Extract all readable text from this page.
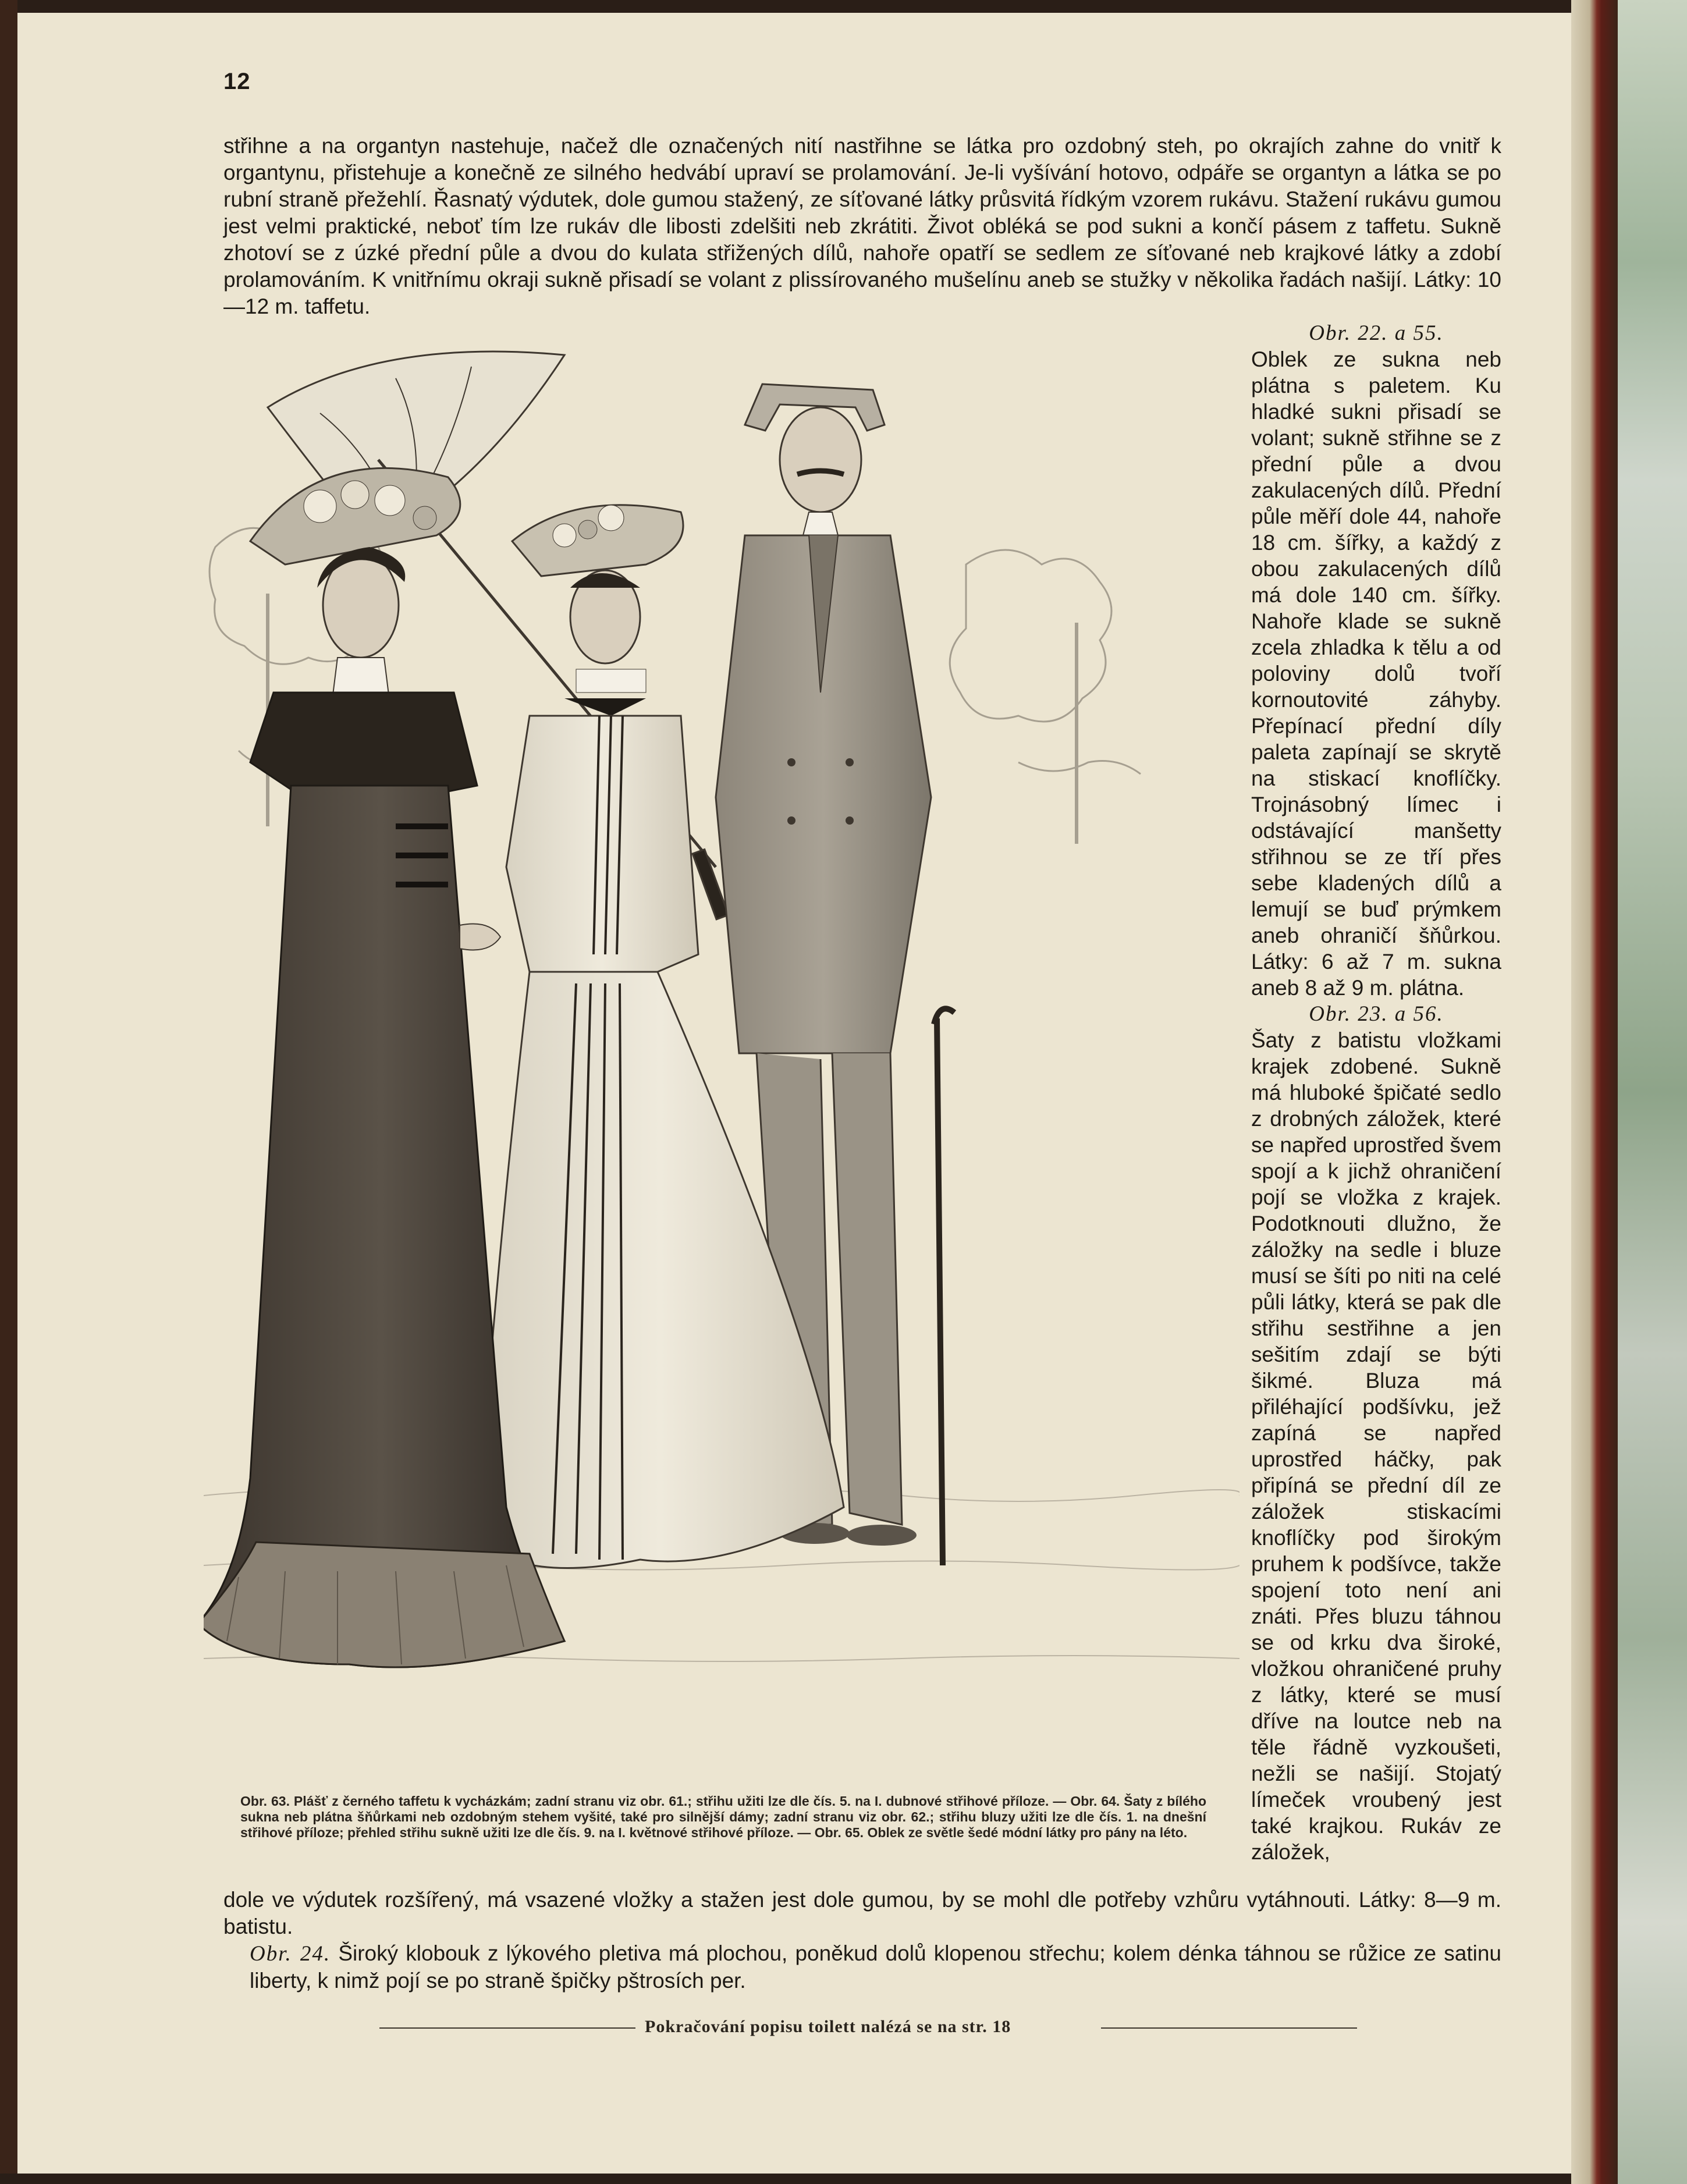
12
střihne a na organtyn nastehuje, načež dle označených nití nastřihne se látka pro ozdobný steh, po okrajích zahne do vnitř k organtynu, přistehuje a konečně ze silného hedvábí upraví se prolamování. Je-li vyšívání hotovo, odpáře se organtyn a látka se po rubní straně přežehlí. Řasnatý výdutek, dole gumou stažený, ze síťované látky průsvitá řídkým vzorem rukávu. Stažení rukávu gumou jest velmi praktické, neboť tím lze rukáv dle libosti zdelšiti neb zkrátiti. Život obléká se pod sukni a končí pásem z taffetu. Sukně zhotoví se z úzké přední půle a dvou do kulata střižených dílů, nahoře opatří se sedlem ze síťované neb krajkové látky a zdobí prolamováním. K vnitřnímu okraji sukně přisadí se volant z plissírovaného mušelínu aneb se stužky v několika řadách našijí. Látky: 10—12 m. taffetu.
Obr. 63. Plášť z černého taffetu k vycházkám; zadní stranu viz obr. 61.; střihu užiti lze dle čís. 5. na I. dubnové střihové příloze. — Obr. 64. Šaty z bílého sukna neb plátna šňůrkami neb ozdobným stehem vyšité, také pro silnější dámy; zadní stranu viz obr. 62.; střihu bluzy užiti lze dle čís. 1. na dnešní střihové příloze; přehled střihu sukně užiti lze dle čís. 9. na I. květnové střihové příloze. — Obr. 65. Oblek ze světle šedé módní látky pro pány na léto.
Obr. 22. a 55.

Oblek ze sukna neb plátna s paletem. Ku hladké sukni přisadí se volant; sukně střihne se z přední půle a dvou zakulacených dílů. Přední půle měří dole 44, nahoře 18 cm. šířky, a každý z obou zakulacených dílů má dole 140 cm. šířky. Nahoře klade se sukně zcela zhladka k tělu a od poloviny dolů tvoří kornoutovité záhyby. Přepínací přední díly paleta zapínají se skrytě na stiskací knoflíčky. Trojnásobný límec i odstávající manšetty střihnou se ze tří přes sebe kladených dílů a lemují se buď prýmkem aneb ohraničí šňůrkou. Látky: 6 až 7 m. sukna aneb 8 až 9 m. plátna.

Obr. 23. a 56.

Šaty z batistu vložkami krajek zdobené. Sukně má hluboké špičaté sedlo z drobných záložek, které se napřed uprostřed švem spojí a k jichž ohraničení pojí se vložka z krajek. Podotknouti dlužno, že záložky na sedle i bluze musí se šíti po niti na celé půli látky, která se pak dle střihu sestřihne a jen sešitím zdají se býti šikmé. Bluza má přiléhající podšívku, jež zapíná se napřed uprostřed háčky, pak připíná se přední díl ze záložek stiskacími knoflíčky pod širokým pruhem k podšívce, takže spojení toto není ani znáti. Přes bluzu táhnou se od krku dva široké, vložkou ohraničené pruhy z látky, které se musí dříve na loutce neb na těle řádně vyzkoušeti, nežli se našijí. Stojatý límeček vroubený jest také krajkou. Rukáv ze záložek,

dole ve výdutek rozšířený, má vsazené vložky a stažen jest dole gumou, by se mohl dle potřeby vzhůru vytáhnouti. Látky: 8—9 m. batistu.

Obr. 24. Široký klobouk z lýkového pletiva má plochou, poněkud dolů klopenou střechu; kolem dénka táhnou se růžice ze satinu liberty, k nimž pojí se po straně špičky pštrosích per.

Pokračování popisu toilett nalézá se na str. 18
